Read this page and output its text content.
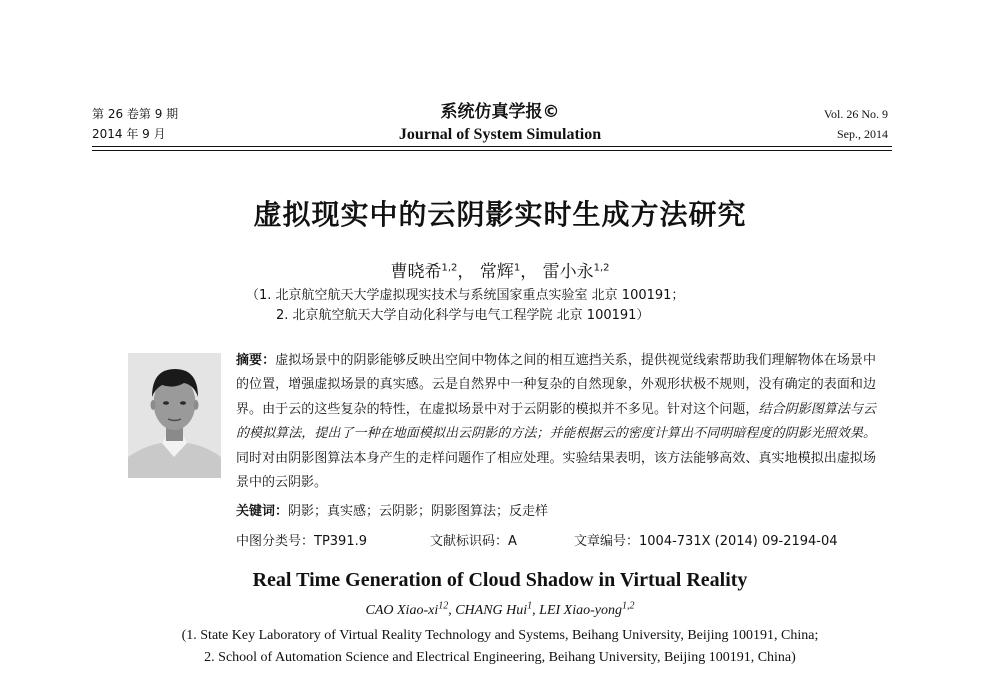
第 26 卷第 9 期
2014 年 9 月
系统仿真学报©
Journal of System Simulation
Vol. 26 No. 9
Sep., 2014
虚拟现实中的云阴影实时生成方法研究
曹晓希$^{1,2}$， 常辉$^1$， 雷小永$^{1,2}$
（1. 北京航空航天大学虚拟现实技术与系统国家重点实验室 北京 100191；
2. 北京航空航天大学自动化科学与电气工程学院 北京 100191）
摘要：虚拟场景中的阴影能够反映出空间中物体之间的相互遮挡关系，提供视觉线索帮助我们理解物体在场景中的位置，增强虚拟场景的真实感。云是自然界中一种复杂的自然现象，外观形状极不规则，没有确定的表面和边界。由于云的这些复杂的特性，在虚拟场景中对于云阴影的模拟并不多见。针对这个问题，结合阴影图算法与云的模拟算法，提出了一种在地面模拟出云阴影的方法；并能根据云的密度计算出不同明暗程度的阴影光照效果。同时对由阴影图算法本身产生的走样问题作了相应处理。实验结果表明，该方法能够高效、真实地模拟出虚拟场景中的云阴影。
关键词：阴影；真实感；云阴影；阴影图算法；反走样
中图分类号：TP391.9	文献标识码：A	文章编号：1004-731X (2014) 09-2194-04
Real Time Generation of Cloud Shadow in Virtual Reality
CAO Xiao-$xi^{12}$, CHANG Hui$^1$, LEI Xiao-yong$^{1,2}$
(1. State Key Laboratory of Virtual Reality Technology and Systems, Beihang University, Beijing 100191, China;
2. School of Automation Science and Electrical Engineering, Beihang University, Beijing 100191, China)
